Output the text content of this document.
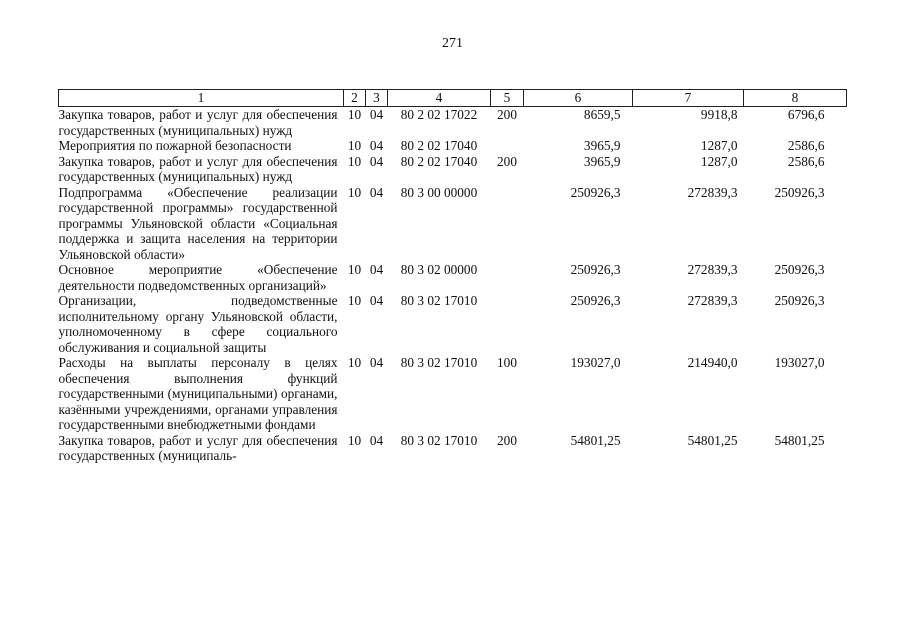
271
1	2	3	4	5	6	7	8
Закупка товаров, работ и услуг для обеспечения государственных (муниципальных) нужд	10	04	80 2 02 17022	200	8659,5	9918,8	6796,6
Мероприятия по пожарной безопасности	10	04	80 2 02 17040		3965,9	1287,0	2586,6
Закупка товаров, работ и услуг для обеспечения государственных (муниципальных) нужд	10	04	80 2 02 17040	200	3965,9	1287,0	2586,6
Подпрограмма «Обеспечение реализации государственной программы» государственной программы Ульяновской области «Социальная поддержка и защита населения на территории Ульяновской области»	10	04	80 3 00 00000		250926,3	272839,3	250926,3
Основное мероприятие «Обеспечение деятельности подведомственных организаций»	10	04	80 3 02 00000		250926,3	272839,3	250926,3
Организации, подведомственные исполнительному органу Ульяновской области, уполномоченному в сфере социального обслуживания и социальной защиты	10	04	80 3 02 17010		250926,3	272839,3	250926,3
Расходы на выплаты персоналу в целях обеспечения выполнения функций государственными (муниципальными) органами, казёнными учреждениями, органами управления государственными внебюджетными фондами	10	04	80 3 02 17010	100	193027,0	214940,0	193027,0
Закупка товаров, работ и услуг для обеспечения государственных (муниципаль-	10	04	80 3 02 17010	200	54801,25	54801,25	54801,25
